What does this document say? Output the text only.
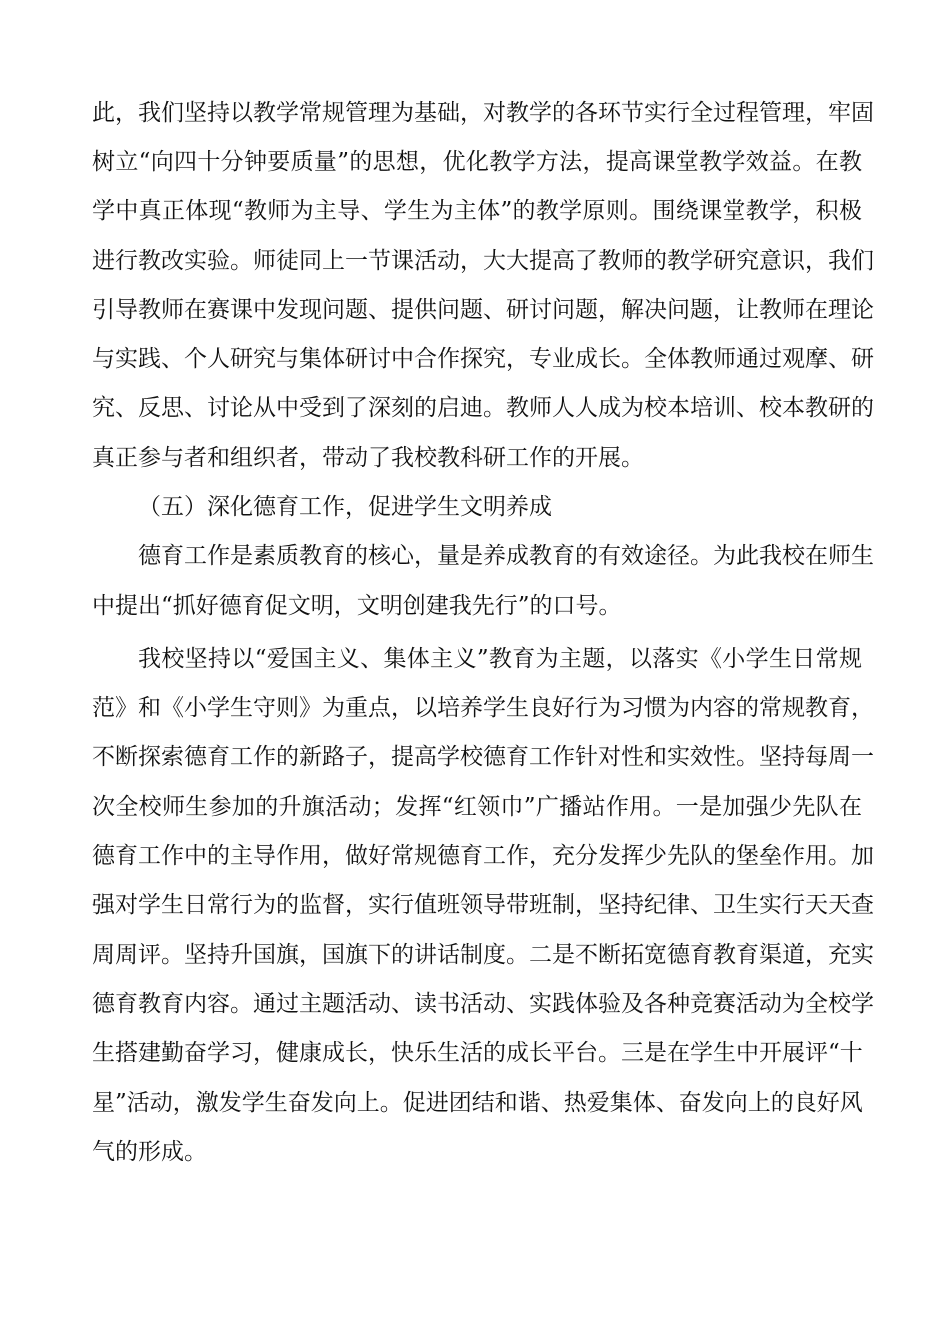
此，我们坚持以教学常规管理为基础，对教学的各环节实行全过程管理，牢固
树立“向四十分钟要质量”的思想，优化教学方法，提高课堂教学效益。在教
学中真正体现“教师为主导、学生为主体”的教学原则。围绕课堂教学，积极
进行教改实验。师徒同上一节课活动，大大提高了教师的教学研究意识，我们
引导教师在赛课中发现问题、提供问题、研讨问题，解决问题，让教师在理论
与实践、个人研究与集体研讨中合作探究，专业成长。全体教师通过观摩、研
究、反思、讨论从中受到了深刻的启迪。教师人人成为校本培训、校本教研的
真正参与者和组织者，带动了我校教科研工作的开展。
（五）深化德育工作，促进学生文明养成
德育工作是素质教育的核心，量是养成教育的有效途径。为此我校在师生
中提出“抓好德育促文明，文明创建我先行”的口号。
我校坚持以“爱国主义、集体主义”教育为主题，以落实《小学生日常规
范》和《小学生守则》为重点，以培养学生良好行为习惯为内容的常规教育，
不断探索德育工作的新路子，提高学校德育工作针对性和实效性。坚持每周一
次全校师生参加的升旗活动；发挥“红领巾”广播站作用。一是加强少先队在
德育工作中的主导作用，做好常规德育工作，充分发挥少先队的堡垒作用。加
强对学生日常行为的监督，实行值班领导带班制，坚持纪律、卫生实行天天查
周周评。坚持升国旗，国旗下的讲话制度。二是不断拓宽德育教育渠道，充实
德育教育内容。通过主题活动、读书活动、实践体验及各种竞赛活动为全校学
生搭建勤奋学习，健康成长，快乐生活的成长平台。三是在学生中开展评“十
星”活动，激发学生奋发向上。促进团结和谐、热爱集体、奋发向上的良好风
气的形成。
